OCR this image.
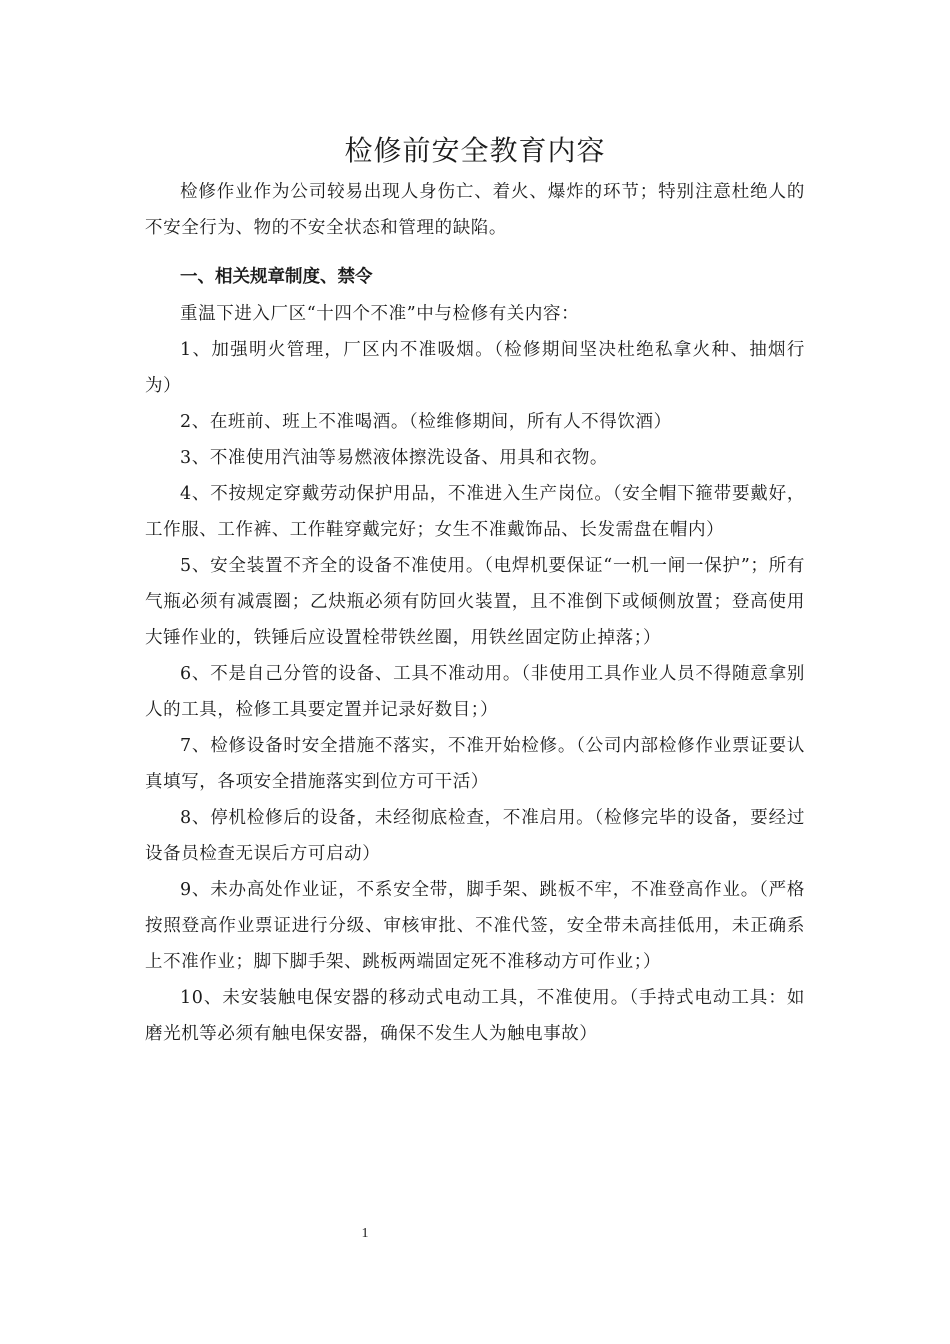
检修前安全教育内容

检修作业作为公司较易出现人身伤亡、着火、爆炸的环节；特别注意杜绝人的不安全行为、物的不安全状态和管理的缺陷。

一、相关规章制度、禁令

重温下进入厂区“十四个不准”中与检修有关内容：

1、加强明火管理，厂区内不准吸烟。（检修期间坚决杜绝私拿火种、抽烟行为）

2、在班前、班上不准喝酒。（检维修期间，所有人不得饮酒）

3、不准使用汽油等易燃液体擦洗设备、用具和衣物。

4、不按规定穿戴劳动保护用品，不准进入生产岗位。（安全帽下箍带要戴好，工作服、工作裤、工作鞋穿戴完好；女生不准戴饰品、长发需盘在帽内）

5、安全装置不齐全的设备不准使用。（电焊机要保证“一机一闸一保护”；所有气瓶必须有减震圈；乙炔瓶必须有防回火装置，且不准倒下或倾侧放置；登高使用大锤作业的，铁锤后应设置栓带铁丝圈，用铁丝固定防止掉落；）

6、不是自己分管的设备、工具不准动用。（非使用工具作业人员不得随意拿别人的工具，检修工具要定置并记录好数目；）

7、检修设备时安全措施不落实，不准开始检修。（公司内部检修作业票证要认真填写，各项安全措施落实到位方可干活）

8、停机检修后的设备，未经彻底检查，不准启用。（检修完毕的设备，要经过设备员检查无误后方可启动）

9、未办高处作业证，不系安全带，脚手架、跳板不牢，不准登高作业。（严格按照登高作业票证进行分级、审核审批、不准代签，安全带未高挂低用，未正确系上不准作业；脚下脚手架、跳板两端固定死不准移动方可作业；）

10、未安装触电保安器的移动式电动工具，不准使用。（手持式电动工具：如磨光机等必须有触电保安器，确保不发生人为触电事故）

1
